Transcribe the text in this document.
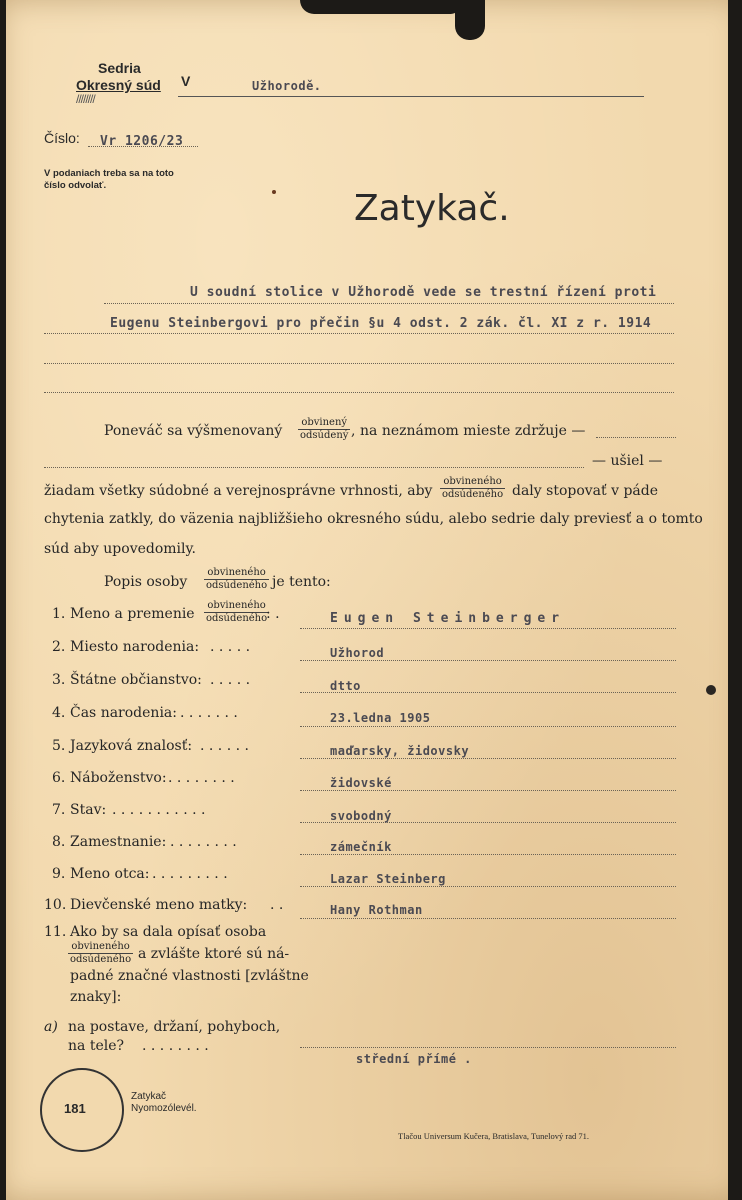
Sedria
Okresný súd
////////
V	Užhorodě.
Číslo: Vr 1206/23
V podaniach treba sa na toto číslo odvolať.
Zatykač.
U soudní stolice v Užhorodě vede se trestní řízení proti
Eugenu Steinbergovi pro přečin §u 4 odst. 2 zák. čl. XI z r. 1914
Poneváč sa výšmenovaný
obvinený
odsúdený , na neznámom mieste zdržuje —
— ušiel —
žiadam všetky súdobné a verejnosprávne vrhnosti, aby
obvineného
odsúdeného daly stopovať v páde
chytenia zatkly, do väzenia najbližšieho okresného súdu, alebo sedrie daly previesť a o tomto
súd aby upovedomily.
Popis osoby
obvineného
odsúdeného je tento:
1. Meno a premenie
obvineného
odsúdeného
: .	Eugen Steinberger
2. Miesto narodenia: . . . . .	Užhorod
3. Štátne občianstvo: . . . . .	dtto
4. Čas narodenia: . . . . . . .	23.ledna 1905
5. Jazyková znalosť: . . . . . .	maďarsky, židovsky
6. Náboženstvo: . . . . . . . .	židovské
7. Stav: . . . . . . . . . . .	svobodný
8. Zamestnanie: . . . . . . . .	zámečník
9. Meno otca: . . . . . . . . .	Lazar Steinberg
10. Dievčenské meno matky: . .	Hany Rothman
11. Ako by sa dala opísať osoba
obvineného
odsúdeného a zvlášte ktoré sú ná-
padné značné vlastnosti [zvláštne
znaky]:
a) na postave, držaní, pohyboch,
na tele? . . . . . . . .
střední přímé .
181
Zatykač
Nyomozólevél.
Tlačou Universum Kučera, Bratislava, Tunelový rad 71.
